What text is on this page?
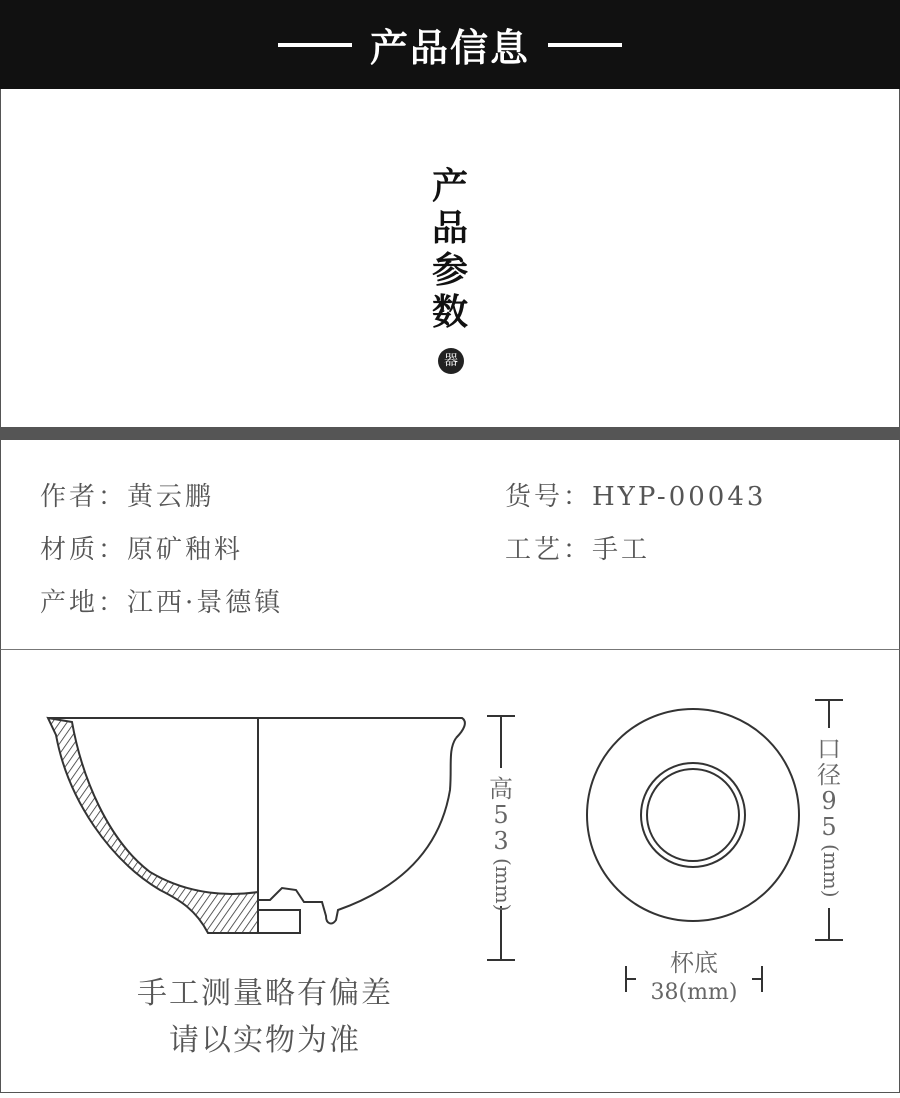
产品信息
产
品
参
数
器
作者：黄云鹏	货号：HYP-00043
材质：原矿釉料	工艺：手工
产地：江西·景德镇
高
5
3
(mm)
口
径
9
5
(mm)
杯底
38(mm)
手工测量略有偏差
请以实物为准
